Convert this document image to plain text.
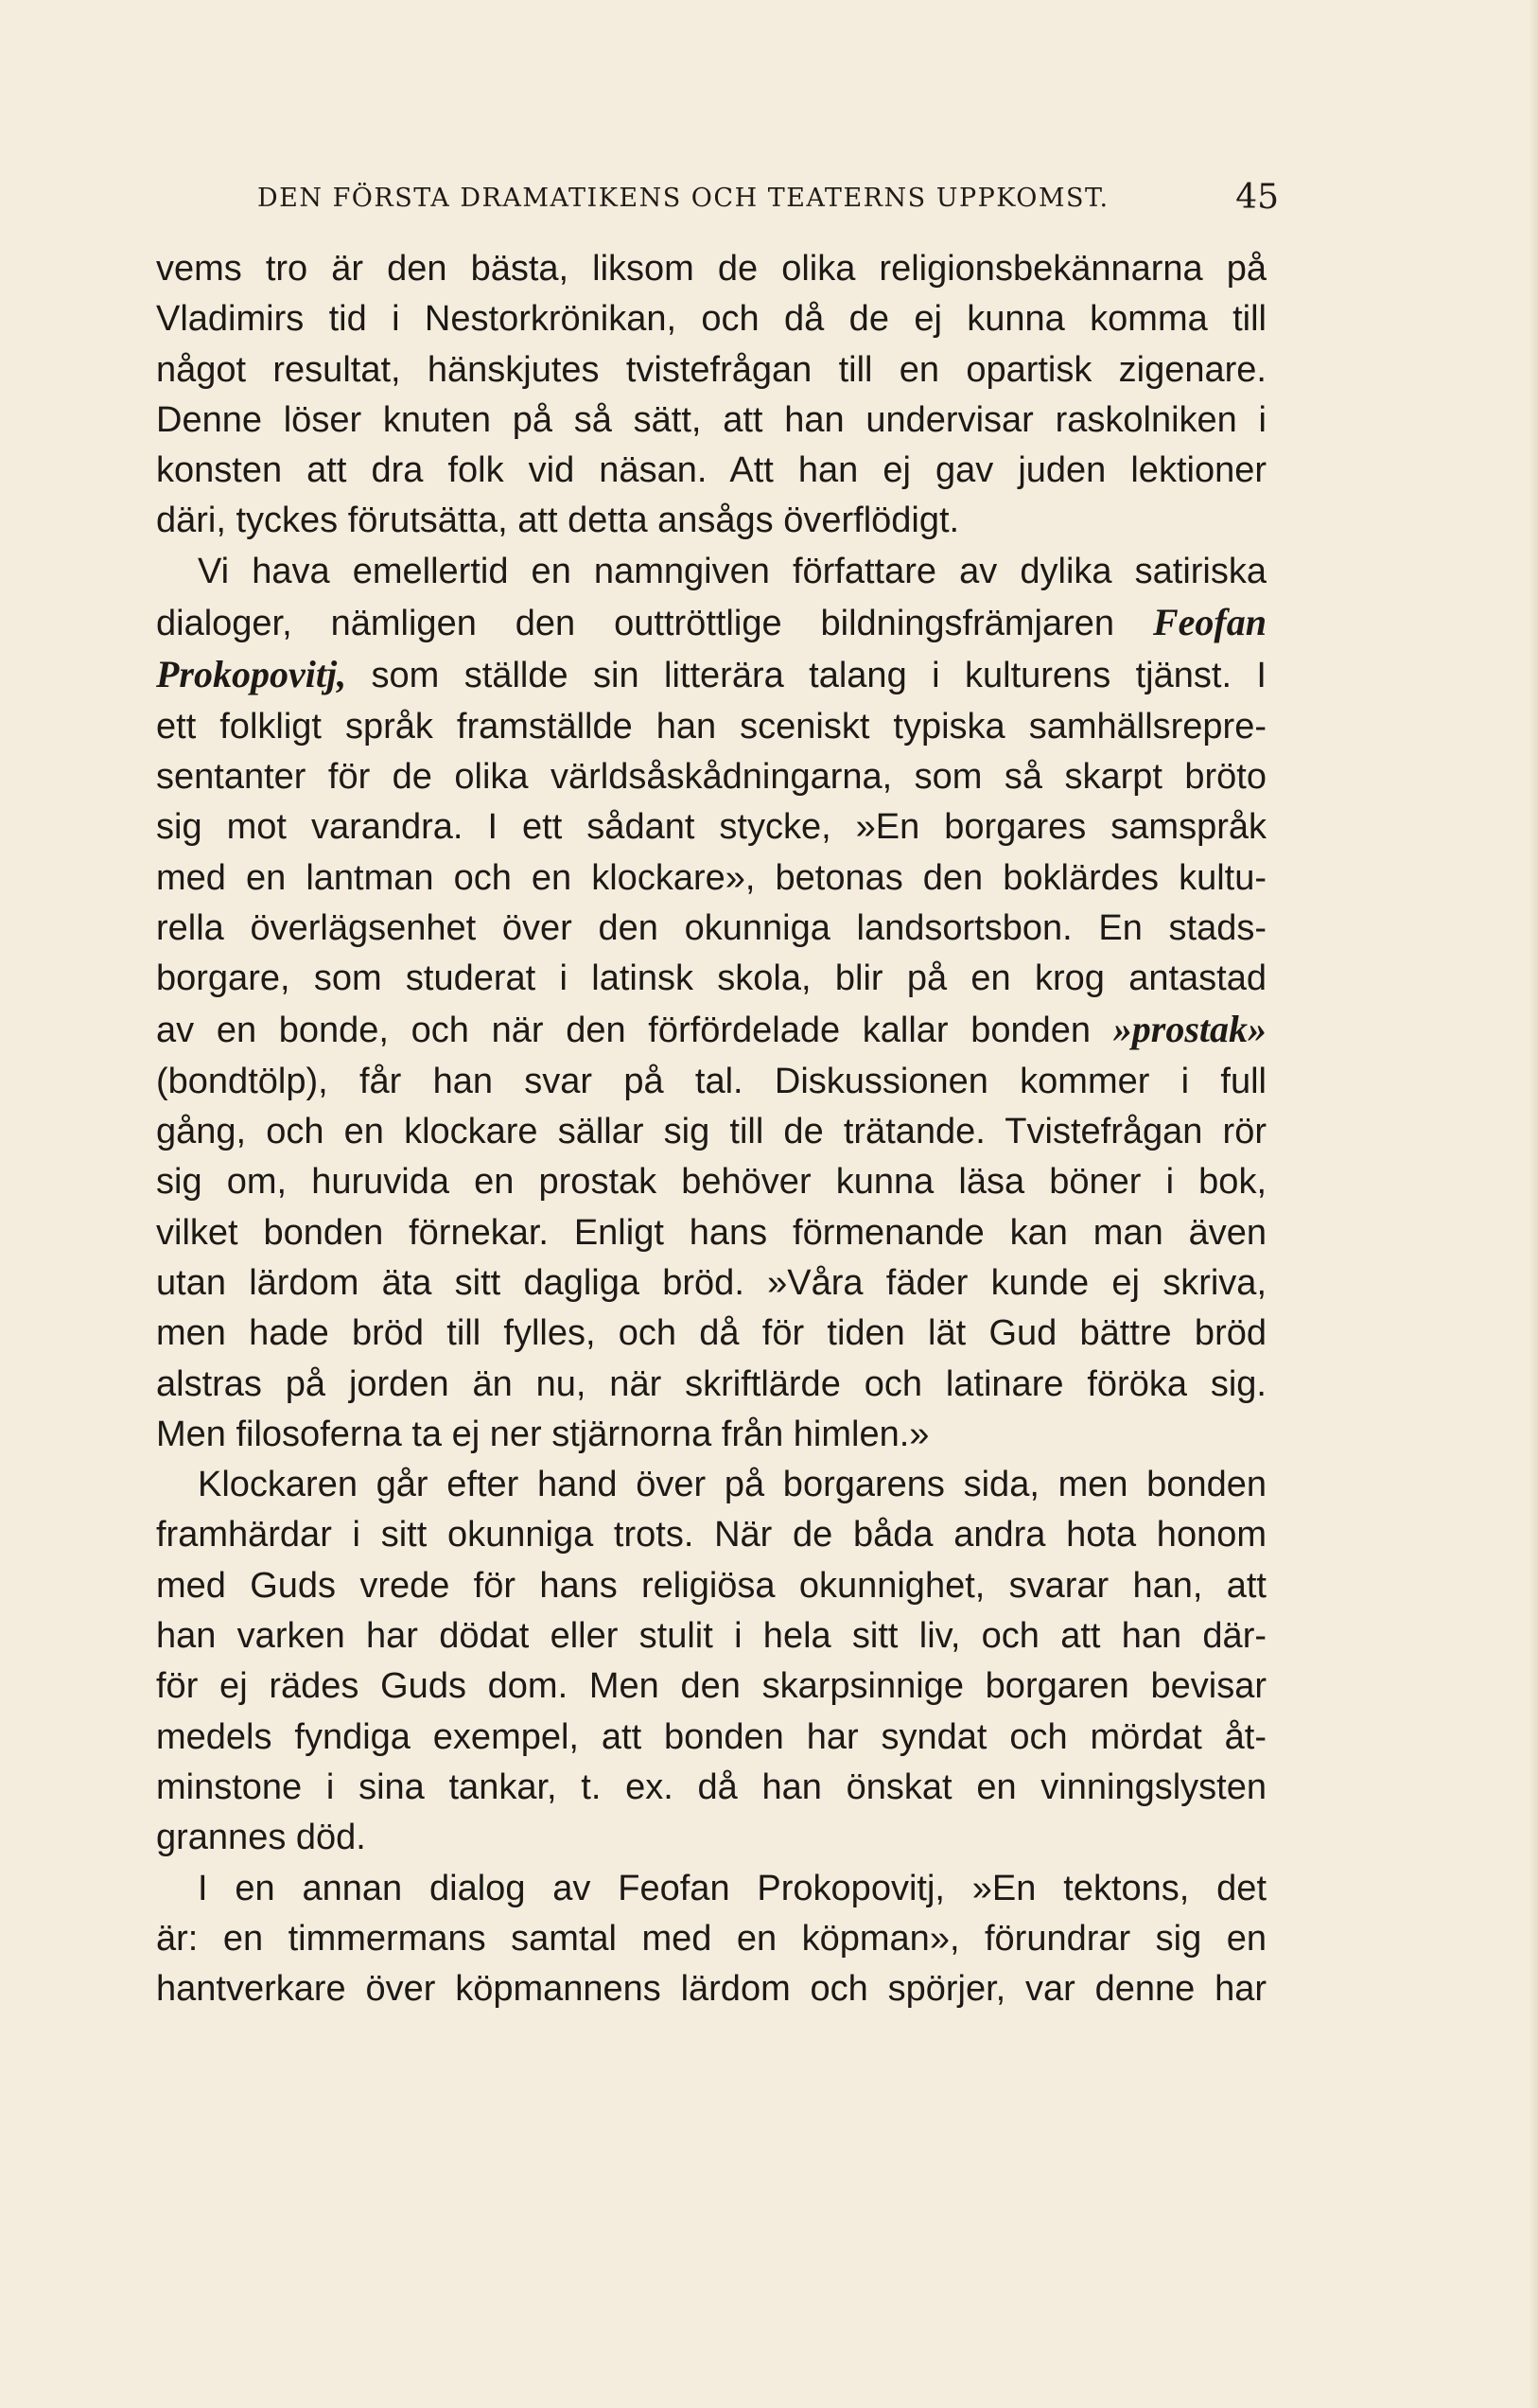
DEN FÖRSTA DRAMATIKENS OCH TEATERNS UPPKOMST.	45

vems tro är den bästa, liksom de olika religionsbekännarna på

Vladimirs tid i Nestorkrönikan, och då de ej kunna komma till

något resultat, hänskjutes tvistefrågan till en opartisk zigenare.

Denne löser knuten på så sätt, att han undervisar raskolniken i

konsten att dra folk vid näsan. Att han ej gav juden lektioner

däri, tyckes förutsätta, att detta ansågs överflödigt.

Vi hava emellertid en namngiven författare av dylika satiriska

dialoger, nämligen den outtröttlige bildningsfrämjaren Feofan

Prokopovitj, som ställde sin litterära talang i kulturens tjänst. I

ett folkligt språk framställde han sceniskt typiska samhällsrepre-

sentanter för de olika världsåskådningarna, som så skarpt bröto

sig mot varandra. I ett sådant stycke, »En borgares samspråk

med en lantman och en klockare», betonas den boklärdes kultu-

rella överlägsenhet över den okunniga landsortsbon. En stads-

borgare, som studerat i latinsk skola, blir på en krog antastad

av en bonde, och när den förfördelade kallar bonden »prostak»

(bondtölp), får han svar på tal. Diskussionen kommer i full

gång, och en klockare sällar sig till de trätande. Tvistefrågan rör

sig om, huruvida en prostak behöver kunna läsa böner i bok,

vilket bonden förnekar. Enligt hans förmenande kan man även

utan lärdom äta sitt dagliga bröd. »Våra fäder kunde ej skriva,

men hade bröd till fylles, och då för tiden lät Gud bättre bröd

alstras på jorden än nu, när skriftlärde och latinare föröka sig.

Men filosoferna ta ej ner stjärnorna från himlen.»

Klockaren går efter hand över på borgarens sida, men bonden

framhärdar i sitt okunniga trots. När de båda andra hota honom

med Guds vrede för hans religiösa okunnighet, svarar han, att

han varken har dödat eller stulit i hela sitt liv, och att han där-

för ej rädes Guds dom. Men den skarpsinnige borgaren bevisar

medels fyndiga exempel, att bonden har syndat och mördat åt-

minstone i sina tankar, t. ex. då han önskat en vinningslysten

grannes död.

I en annan dialog av Feofan Prokopovitj, »En tektons, det

är: en timmermans samtal med en köpman», förundrar sig en

hantverkare över köpmannens lärdom och spörjer, var denne har
